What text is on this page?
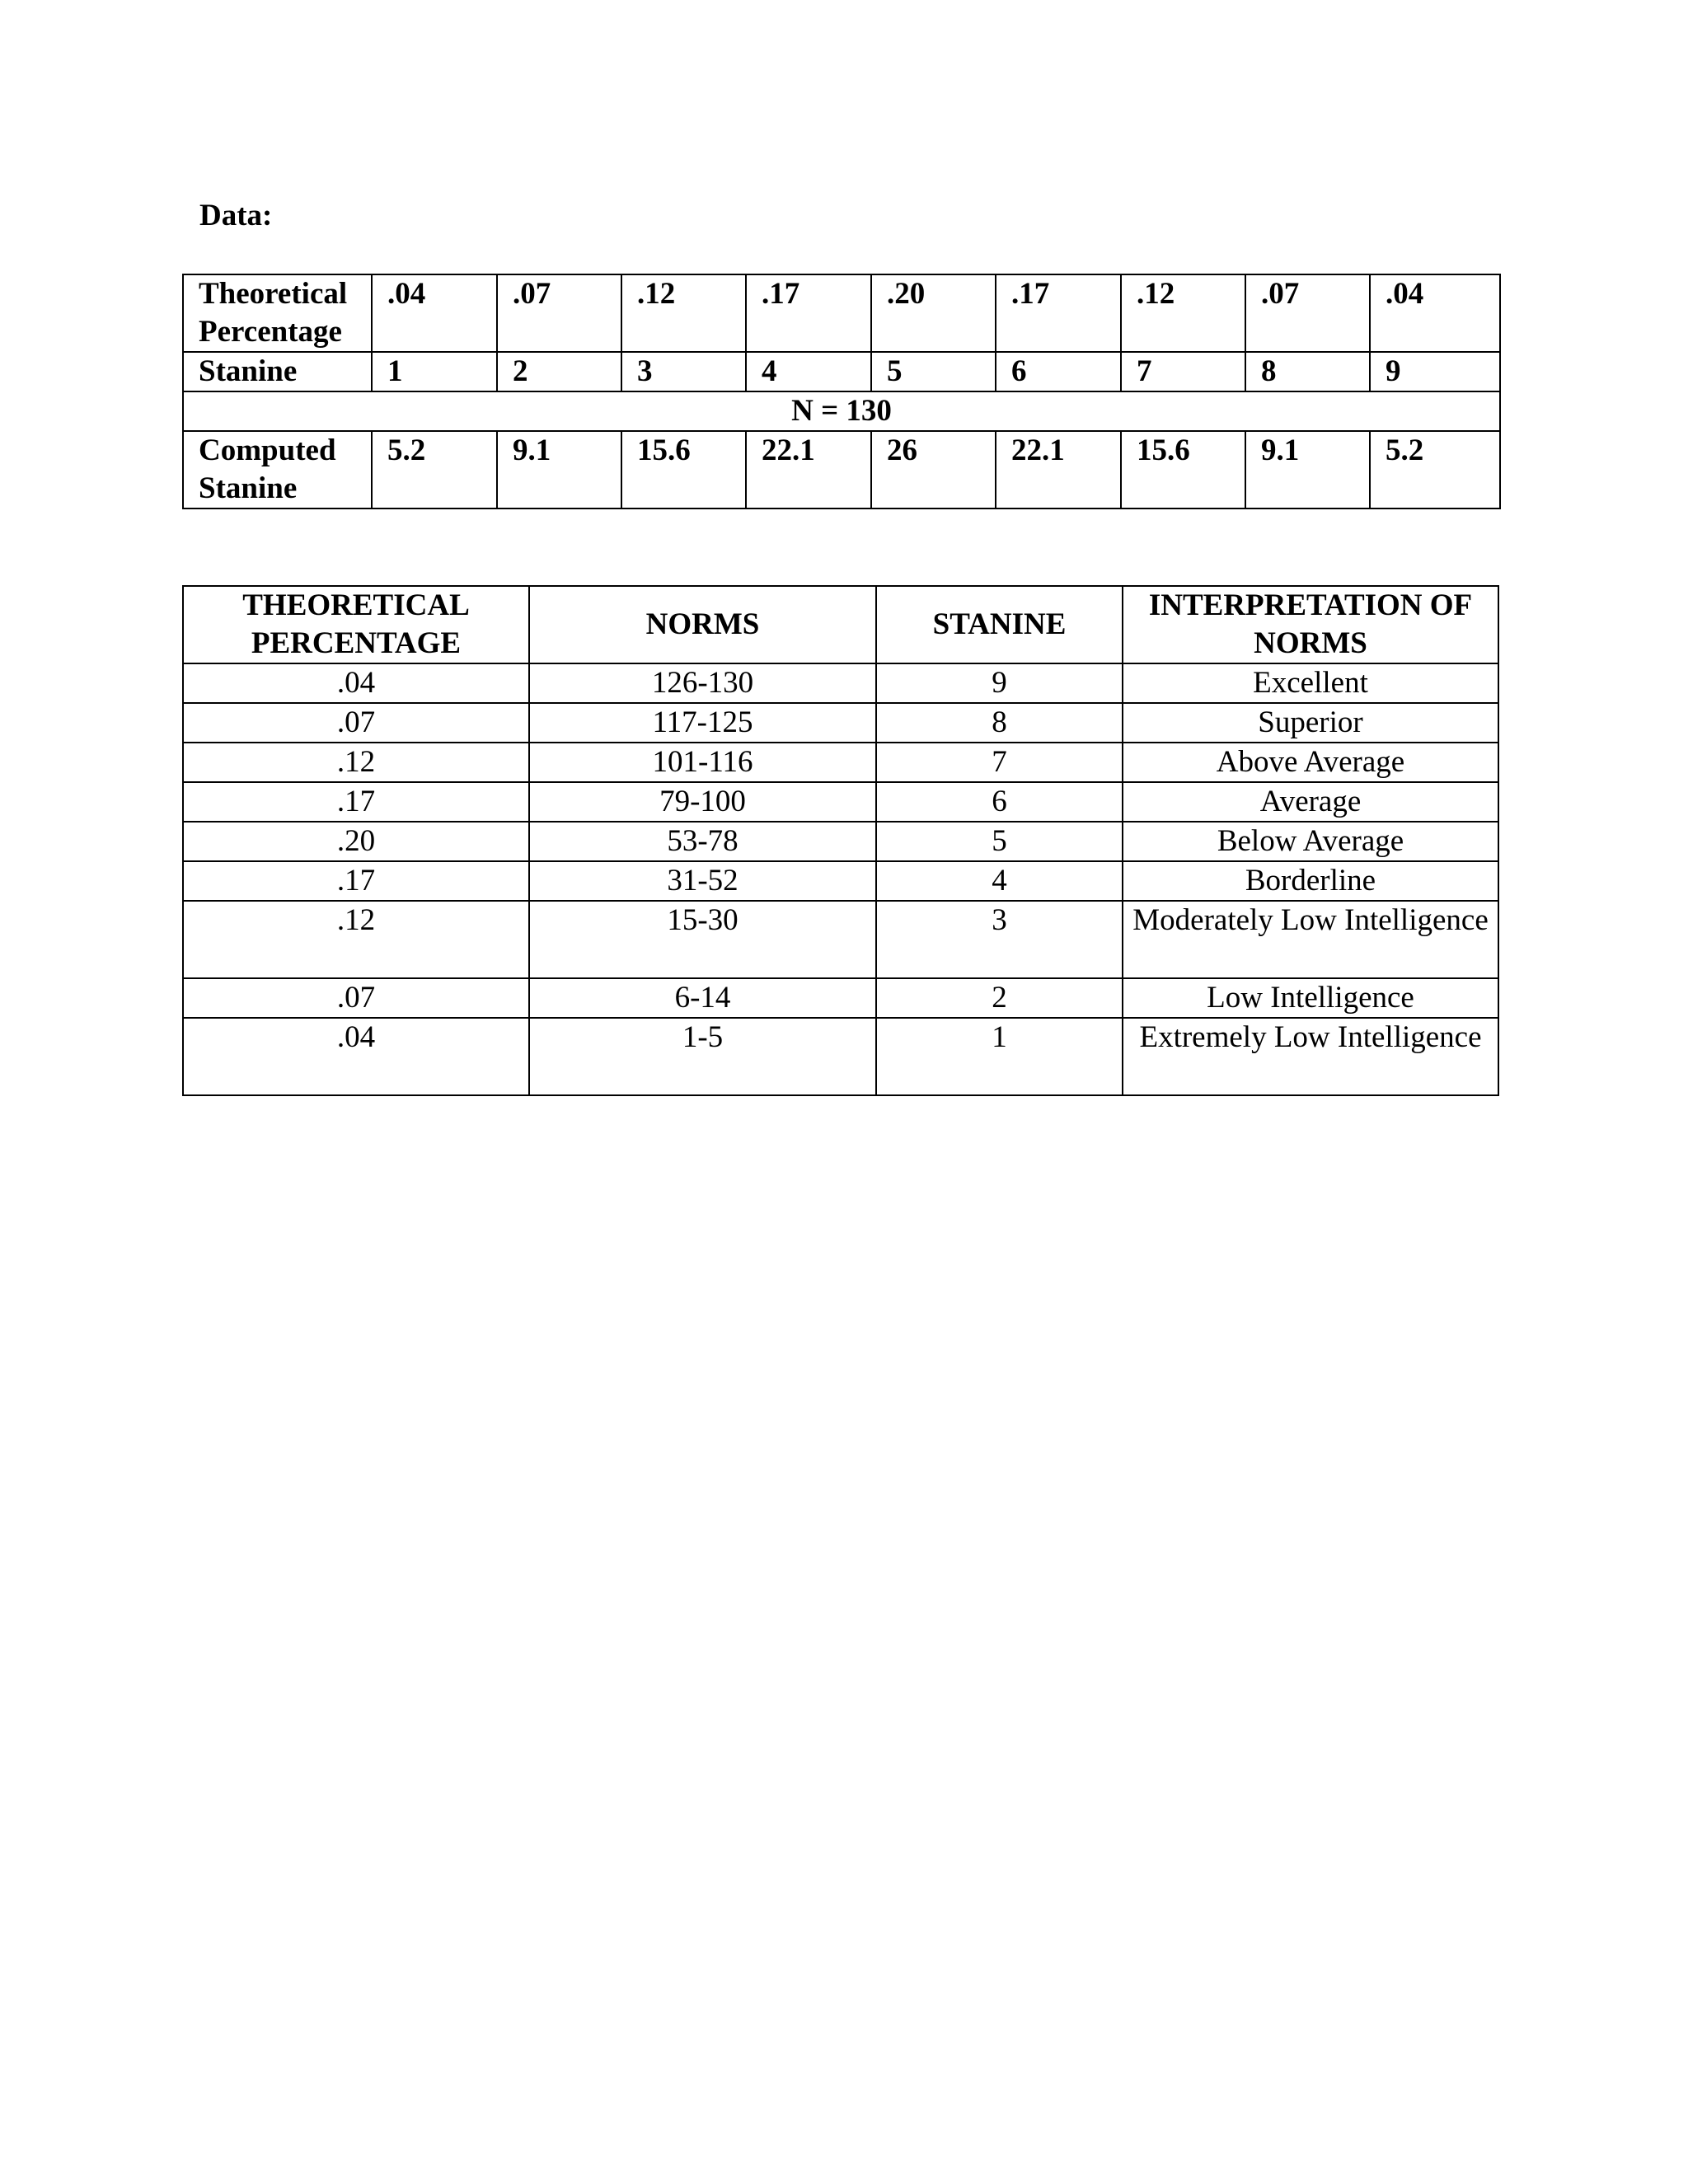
Data:
Theoretical Percentage	.04	.07	.12	.17	.20	.17	.12	.07	.04
Stanine	1	2	3	4	5	6	7	8	9
N = 130									
Computed Stanine	5.2	9.1	15.6	22.1	26	22.1	15.6	9.1	5.2
THEORETICAL PERCENTAGE	NORMS	STANINE	INTERPRETATION OF NORMS
.04	126-130	9	Excellent
.07	117-125	8	Superior
.12	101-116	7	Above Average
.17	79-100	6	Average
.20	53-78	5	Below Average
.17	31-52	4	Borderline
.12	15-30	3	Moderately Low Intelligence
.07	6-14	2	Low Intelligence
.04	1-5	1	Extremely Low Intelligence
